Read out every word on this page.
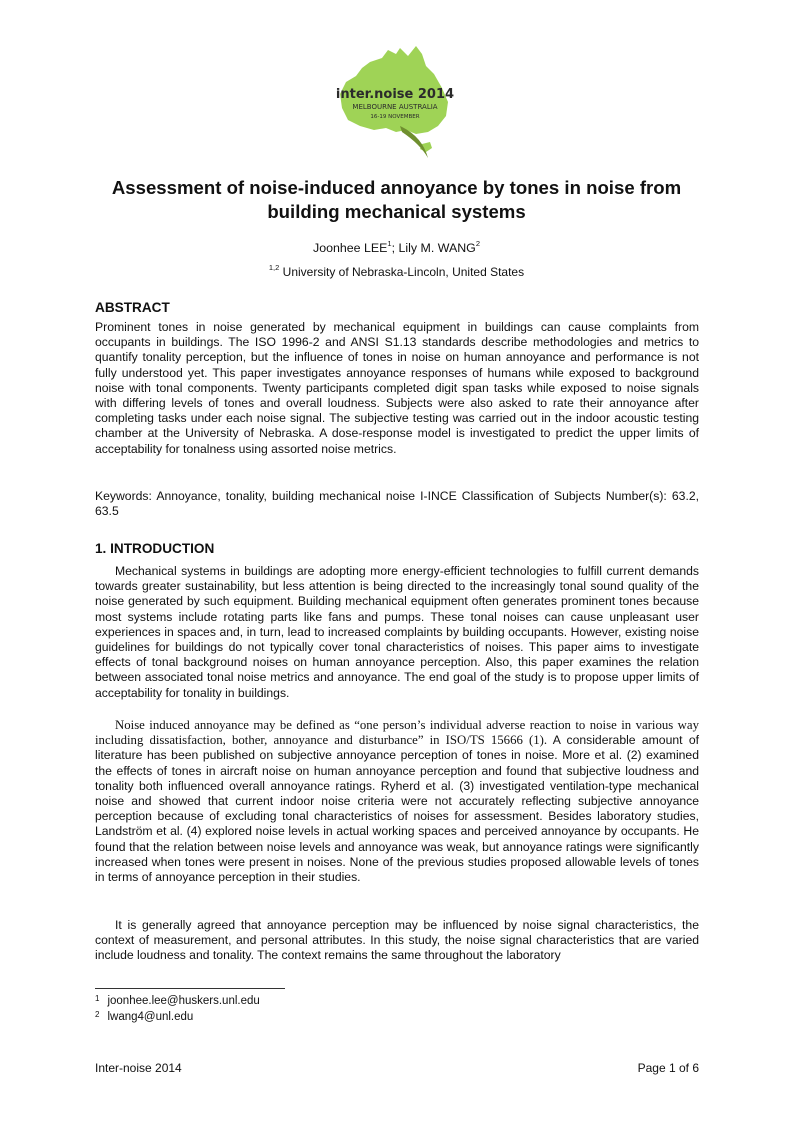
inter.noise 2014
MELBOURNE AUSTRALIA
16-19 NOVEMBER
Assessment of noise-induced annoyance by tones in noise from
building mechanical systems
Joonhee LEE$^1$; Lily M. WANG$^2$
$^{1,2}$ University of Nebraska-Lincoln, United States
ABSTRACT

Prominent tones in noise generated by mechanical equipment in buildings can cause complaints from occupants in buildings. The ISO 1996-2 and ANSI S1.13 standards describe methodologies and metrics to quantify tonality perception, but the influence of tones in noise on human annoyance and performance is not fully understood yet. This paper investigates annoyance responses of humans while exposed to background noise with tonal components. Twenty participants completed digit span tasks while exposed to noise signals with differing levels of tones and overall loudness. Subjects were also asked to rate their annoyance after completing tasks under each noise signal. The subjective testing was carried out in the indoor acoustic testing chamber at the University of Nebraska. A dose-response model is investigated to predict the upper limits of acceptability for tonalness using assorted noise metrics.

Keywords: Annoyance, tonality, building mechanical noise I-INCE Classification of Subjects Number(s): 63.2, 63.5

1. INTRODUCTION

Mechanical systems in buildings are adopting more energy-efficient technologies to fulfill current demands towards greater sustainability, but less attention is being directed to the increasingly tonal sound quality of the noise generated by such equipment. Building mechanical equipment often generates prominent tones because most systems include rotating parts like fans and pumps. These tonal noises can cause unpleasant user experiences in spaces and, in turn, lead to increased complaints by building occupants. However, existing noise guidelines for buildings do not typically cover tonal characteristics of noises. This paper aims to investigate effects of tonal background noises on human annoyance perception. Also, this paper examines the relation between associated tonal noise metrics and annoyance. The end goal of the study is to propose upper limits of acceptability for tonality in buildings.

Noise induced annoyance may be defined as “one person’s individual adverse reaction to noise in various way including dissatisfaction, bother, annoyance and disturbance” in ISO/TS 15666 (1). A considerable amount of literature has been published on subjective annoyance perception of tones in noise. More et al. (2) examined the effects of tones in aircraft noise on human annoyance perception and found that subjective loudness and tonality both influenced overall annoyance ratings. Ryherd et al. (3) investigated ventilation-type mechanical noise and showed that current indoor noise criteria were not accurately reflecting subjective annoyance perception because of excluding tonal characteristics of noises for assessment. Besides laboratory studies, Landström et al. (4) explored noise levels in actual working spaces and perceived annoyance by occupants. He found that the relation between noise levels and annoyance was weak, but annoyance ratings were significantly increased when tones were present in noises. None of the previous studies proposed allowable levels of tones in terms of annoyance perception in their studies.

It is generally agreed that annoyance perception may be influenced by noise signal characteristics, the context of measurement, and personal attributes. In this study, the noise signal characteristics that are varied include loudness and tonality. The context remains the same throughout the laboratory

$^1$ joonhee.lee@huskers.unl.edu
$^2$ lwang4@unl.edu
Inter-noise 2014	Page 1 of 6
